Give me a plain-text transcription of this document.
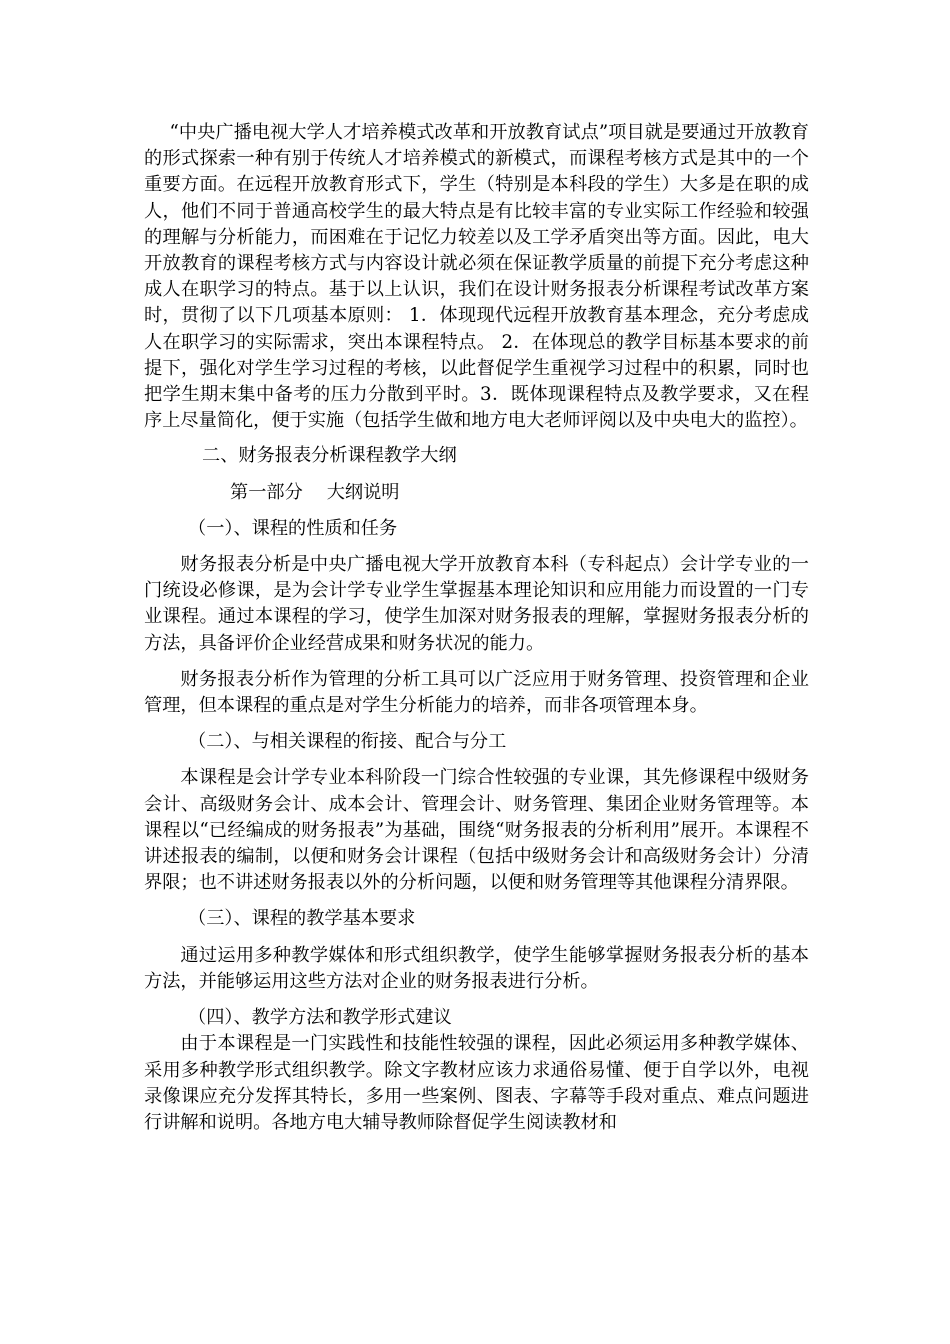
“中央广播电视大学人才培养模式改革和开放教育试点”项目就是要通过开放教育的形式探索一种有别于传统人才培养模式的新模式，而课程考核方式是其中的一个重要方面。在远程开放教育形式下，学生（特别是本科段的学生）大多是在职的成人，他们不同于普通高校学生的最大特点是有比较丰富的专业实际工作经验和较强的理解与分析能力，而困难在于记忆力较差以及工学矛盾突出等方面。因此，电大开放教育的课程考核方式与内容设计就必须在保证教学质量的前提下充分考虑这种成人在职学习的特点。基于以上认识，我们在设计财务报表分析课程考试改革方案时，贯彻了以下几项基本原则： 1．体现现代远程开放教育基本理念，充分考虑成人在职学习的实际需求，突出本课程特点。 2．在体现总的教学目标基本要求的前提下，强化对学生学习过程的考核，以此督促学生重视学习过程中的积累，同时也把学生期末集中备考的压力分散到平时。3．既体现课程特点及教学要求，又在程序上尽量简化，便于实施（包括学生做和地方电大老师评阅以及中央电大的监控）。

二、财务报表分析课程教学大纲

第一部分　 大纲说明

（一）、课程的性质和任务

财务报表分析是中央广播电视大学开放教育本科（专科起点）会计学专业的一门统设必修课，是为会计学专业学生掌握基本理论知识和应用能力而设置的一门专业课程。通过本课程的学习，使学生加深对财务报表的理解，掌握财务报表分析的方法，具备评价企业经营成果和财务状况的能力。

财务报表分析作为管理的分析工具可以广泛应用于财务管理、投资管理和企业管理，但本课程的重点是对学生分析能力的培养，而非各项管理本身。

（二）、与相关课程的衔接、配合与分工

本课程是会计学专业本科阶段一门综合性较强的专业课，其先修课程中级财务会计、高级财务会计、成本会计、管理会计、财务管理、集团企业财务管理等。本课程以“已经编成的财务报表”为基础，围绕“财务报表的分析利用”展开。本课程不讲述报表的编制，以便和财务会计课程（包括中级财务会计和高级财务会计）分清界限；也不讲述财务报表以外的分析问题，以便和财务管理等其他课程分清界限。

（三）、课程的教学基本要求

通过运用多种教学媒体和形式组织教学，使学生能够掌握财务报表分析的基本方法，并能够运用这些方法对企业的财务报表进行分析。

（四）、教学方法和教学形式建议

由于本课程是一门实践性和技能性较强的课程，因此必须运用多种教学媒体、采用多种教学形式组织教学。除文字教材应该力求通俗易懂、便于自学以外，电视录像课应充分发挥其特长，多用一些案例、图表、字幕等手段对重点、难点问题进行讲解和说明。各地方电大辅导教师除督促学生阅读教材和
